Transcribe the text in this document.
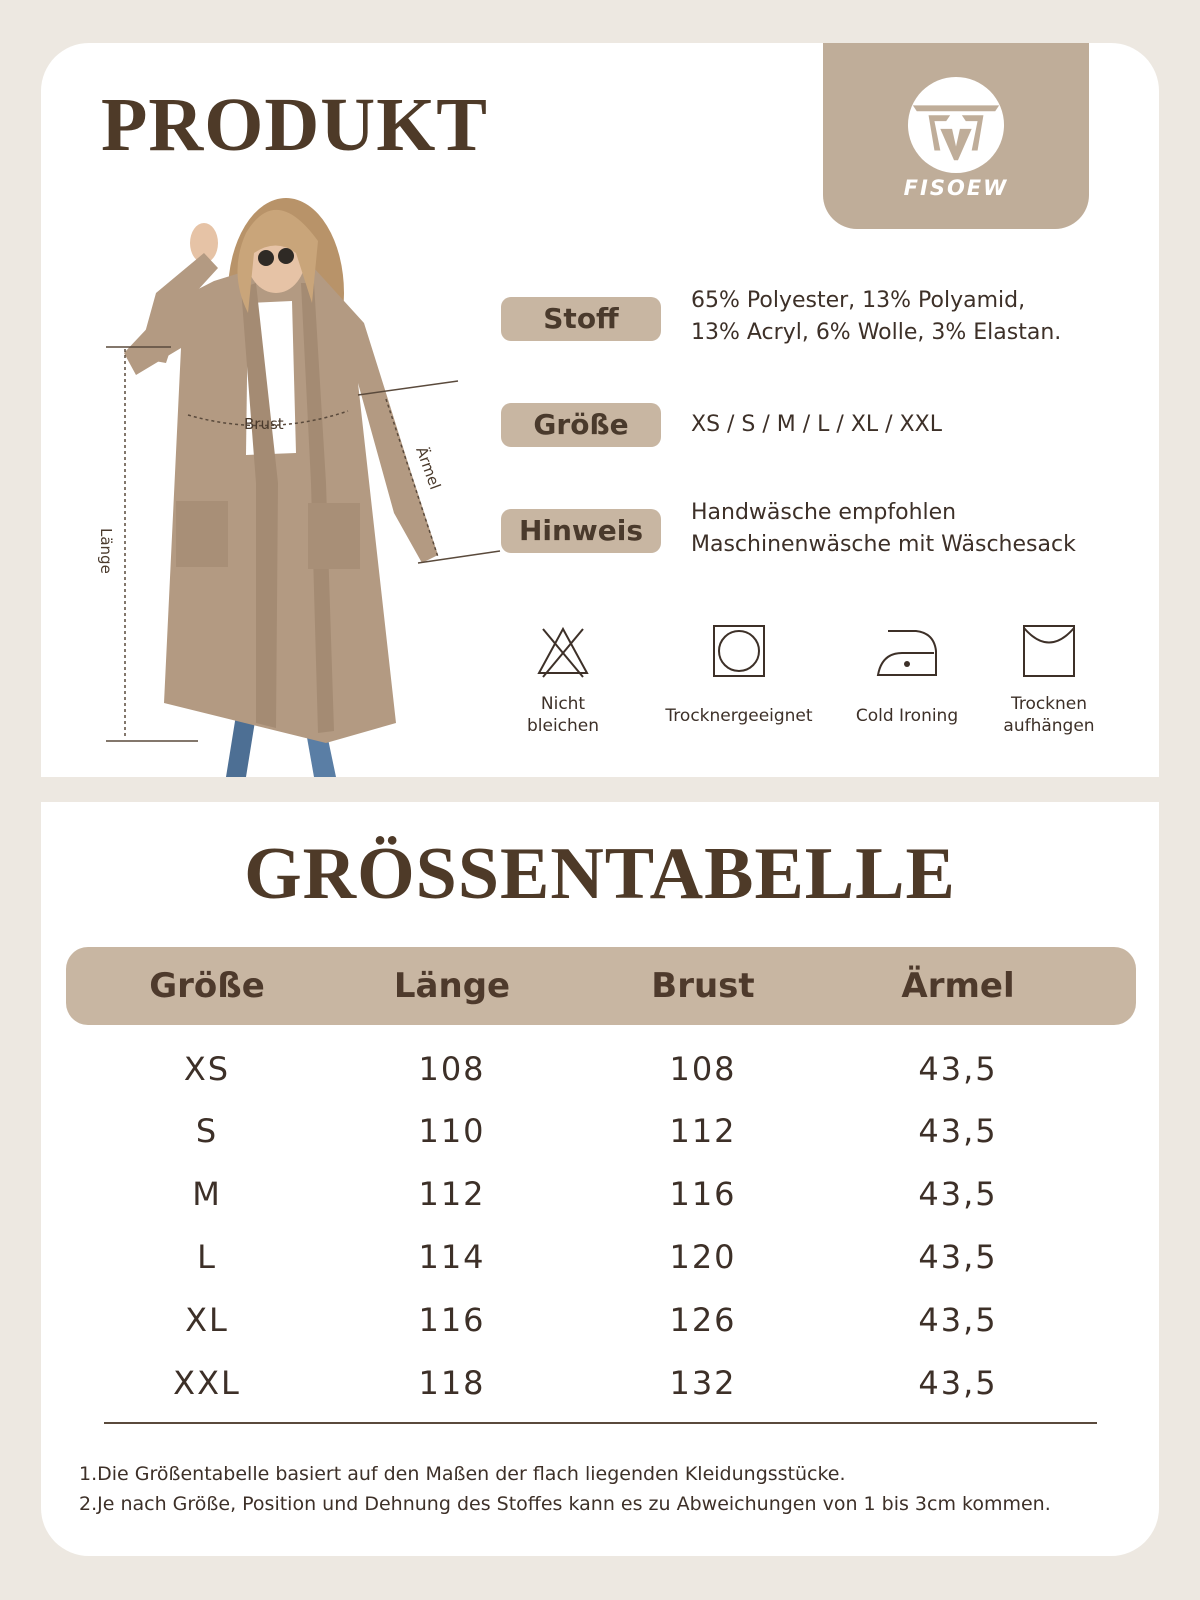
PRODUKT
FISOEW
Brust
Ärmel
Länge
Stoff
65% Polyester, 13% Polyamid,
13% Acryl, 6% Wolle, 3% Elastan.
Größe	XS / S / M / L / XL / XXL
Hinweis
Handwäsche empfohlen
Maschinenwäsche mit Wäschesack
Nicht
bleichen	Trocknergeeignet	Cold Ironing
Trocknen
aufhängen
GRÖSSENTABELLE
Größe	Länge	Brust	Ärmel
XS	108	108	43,5
S	110	112	43,5
M	112	116	43,5
L	114	120	43,5
XL	116	126	43,5
XXL	118	132	43,5
1.Die Größentabelle basiert auf den Maßen der flach liegenden Kleidungsstücke.
2.Je nach Größe, Position und Dehnung des Stoffes kann es zu Abweichungen von 1 bis 3cm kommen.
